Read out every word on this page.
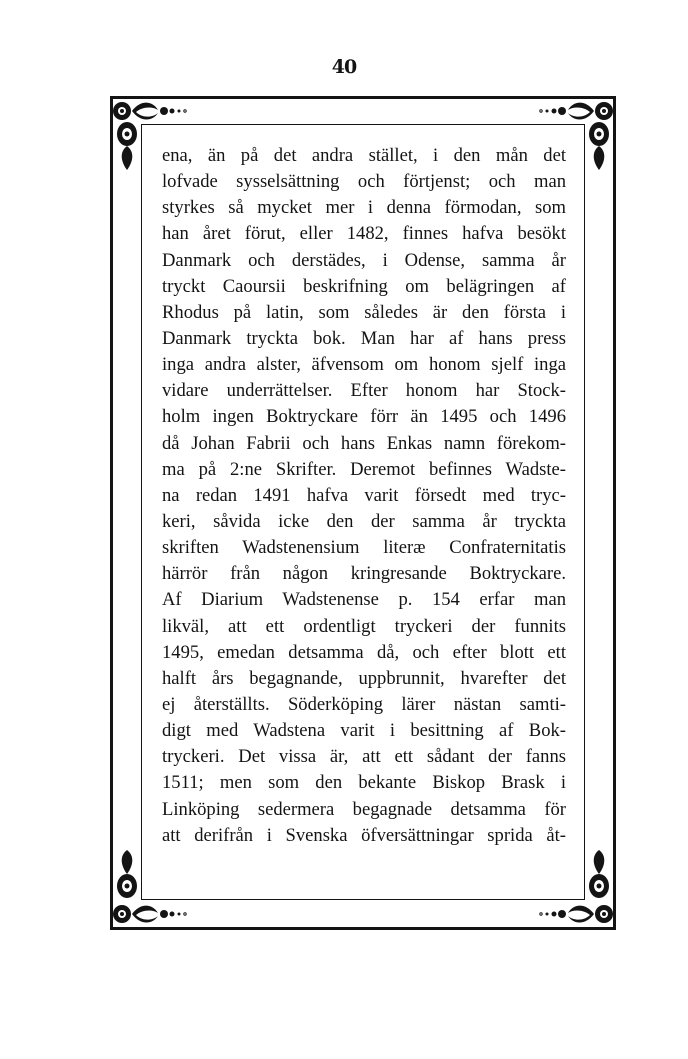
40
ena, än på det andra stället, i den mån det
lofvade sysselsättning och förtjenst; och man
styrkes så mycket mer i denna förmodan, som
han året förut, eller 1482, finnes hafva besökt
Danmark och derstädes, i Odense, samma år
tryckt Caoursii beskrifning om belägringen af
Rhodus på latin, som således är den första i
Danmark tryckta bok. Man har af hans press
inga andra alster, äfvensom om honom sjelf inga
vidare underrättelser. Efter honom har Stock-
holm ingen Boktryckare förr än 1495 och 1496
då Johan Fabrii och hans Enkas namn förekom-
ma på 2:ne Skrifter. Deremot befinnes Wadste-
na redan 1491 hafva varit försedt med tryc-
keri, såvida icke den der samma år tryckta
skriften Wadstenensium literæ Confraternitatis
härrör från någon kringresande Boktryckare.
Af Diarium Wadstenense p. 154 erfar man
likväl, att ett ordentligt tryckeri der funnits
1495, emedan detsamma då, och efter blott ett
halft års begagnande, uppbrunnit, hvarefter det
ej återställts. Söderköping lärer nästan samti-
digt med Wadstena varit i besittning af Bok-
tryckeri. Det vissa är, att ett sådant der fanns
1511; men som den bekante Biskop Brask i
Linköping sedermera begagnade detsamma för
att derifrån i Svenska öfversättningar sprida åt-
